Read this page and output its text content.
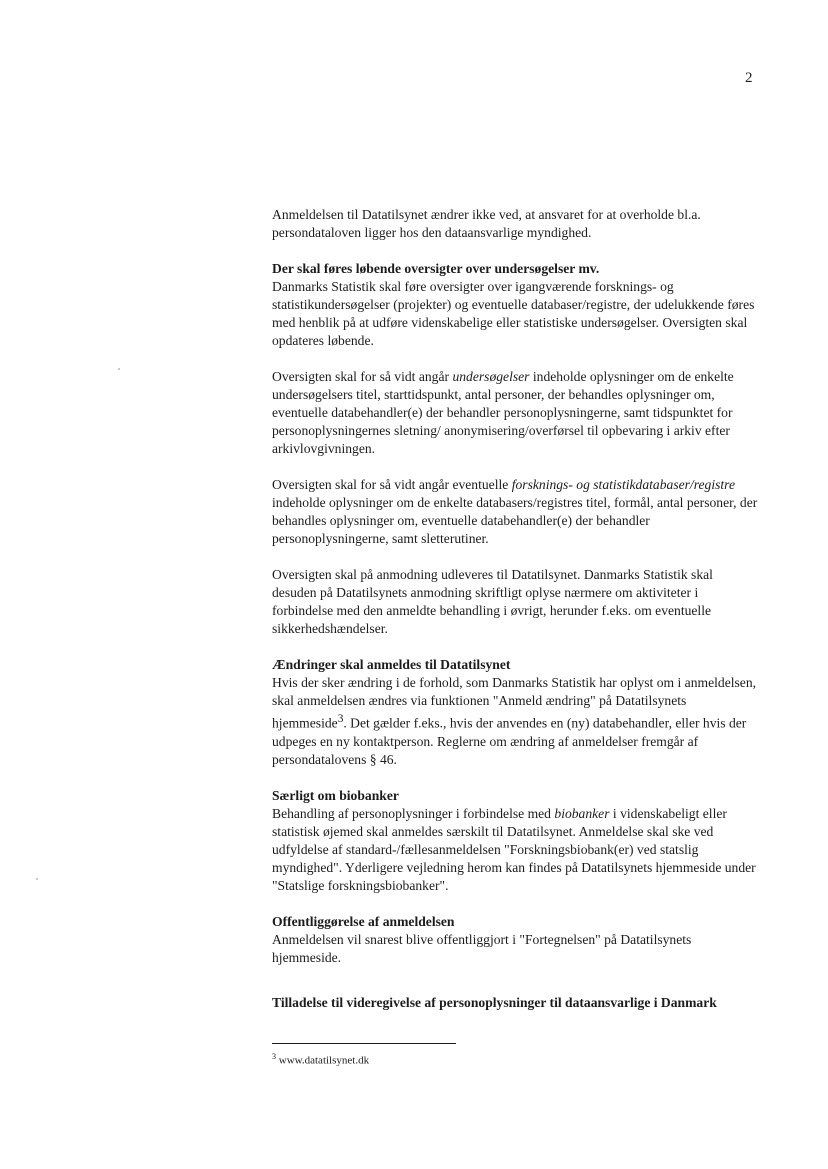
2

Anmeldelsen til Datatilsynet ændrer ikke ved, at ansvaret for at overholde bl.a. persondataloven ligger hos den dataansvarlige myndighed.

Der skal føres løbende oversigter over undersøgelser mv.

Danmarks Statistik skal føre oversigter over igangværende forsknings- og statistikundersøgelser (projekter) og eventuelle databaser/registre, der udelukkende føres med henblik på at udføre videnskabelige eller statistiske undersøgelser. Oversigten skal opdateres løbende.

Oversigten skal for så vidt angår undersøgelser indeholde oplysninger om de enkelte undersøgelsers titel, starttidspunkt, antal personer, der behandles oplysninger om, eventuelle databehandler(e) der behandler personoplysningerne, samt tidspunktet for personoplysningernes sletning/ anonymisering/overførsel til opbevaring i arkiv efter arkivlovgivningen.

Oversigten skal for så vidt angår eventuelle forsknings- og statistikdatabaser/registre indeholde oplysninger om de enkelte databasers/registres titel, formål, antal personer, der behandles oplysninger om, eventuelle databehandler(e) der behandler personoplysningerne, samt sletterutiner.

Oversigten skal på anmodning udleveres til Datatilsynet. Danmarks Statistik skal desuden på Datatilsynets anmodning skriftligt oplyse nærmere om aktiviteter i forbindelse med den anmeldte behandling i øvrigt, herunder f.eks. om eventuelle sikkerhedshændelser.

Ændringer skal anmeldes til Datatilsynet

Hvis der sker ændring i de forhold, som Danmarks Statistik har oplyst om i anmeldelsen, skal anmeldelsen ændres via funktionen "Anmeld ændring" på Datatilsynets hjemmeside$^3$. Det gælder f.eks., hvis der anvendes en (ny) databehandler, eller hvis der udpeges en ny kontaktperson. Reglerne om ændring af anmeldelser fremgår af persondatalovens § 46.

Særligt om biobanker

Behandling af personoplysninger i forbindelse med biobanker i videnskabeligt eller statistisk øjemed skal anmeldes særskilt til Datatilsynet. Anmeldelse skal ske ved udfyldelse af standard-/fællesanmeldelsen "Forskningsbiobank(er) ved statslig myndighed". Yderligere vejledning herom kan findes på Datatilsynets hjemmeside under "Statslige forskningsbiobanker".

Offentliggørelse af anmeldelsen

Anmeldelsen vil snarest blive offentliggjort i "Fortegnelsen" på Datatilsynets hjemmeside.

Tilladelse til videregivelse af personoplysninger til dataansvarlige i Danmark

$^3$ www.datatilsynet.dk
